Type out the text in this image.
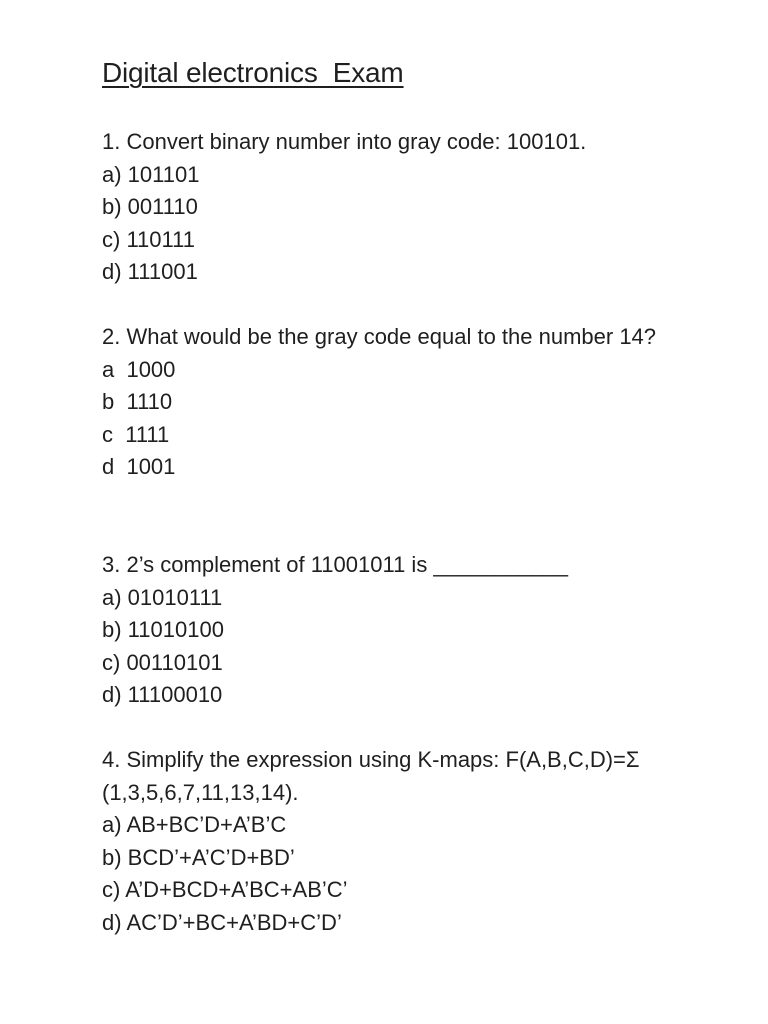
Digital electronics  Exam

1. Convert binary number into gray code: 100101.

a) 101101
b) 001110
c) 110111
d) 111001

2. What would be the gray code equal to the number 14?

a  1000
b  1110
c  1111
d  1001

3. 2’s complement of 11001011 is ___________

a) 01010111
b) 11010100
c) 00110101
d) 11100010

4. Simplify the expression using K-maps: F(A,B,C,D)=Σ (1,3,5,6,7,11,13,14).

a) AB+BC’D+A’B’C
b) BCD’+A’C’D+BD’
c) A’D+BCD+A’BC+AB’C’
d) AC’D’+BC+A’BD+C’D’
